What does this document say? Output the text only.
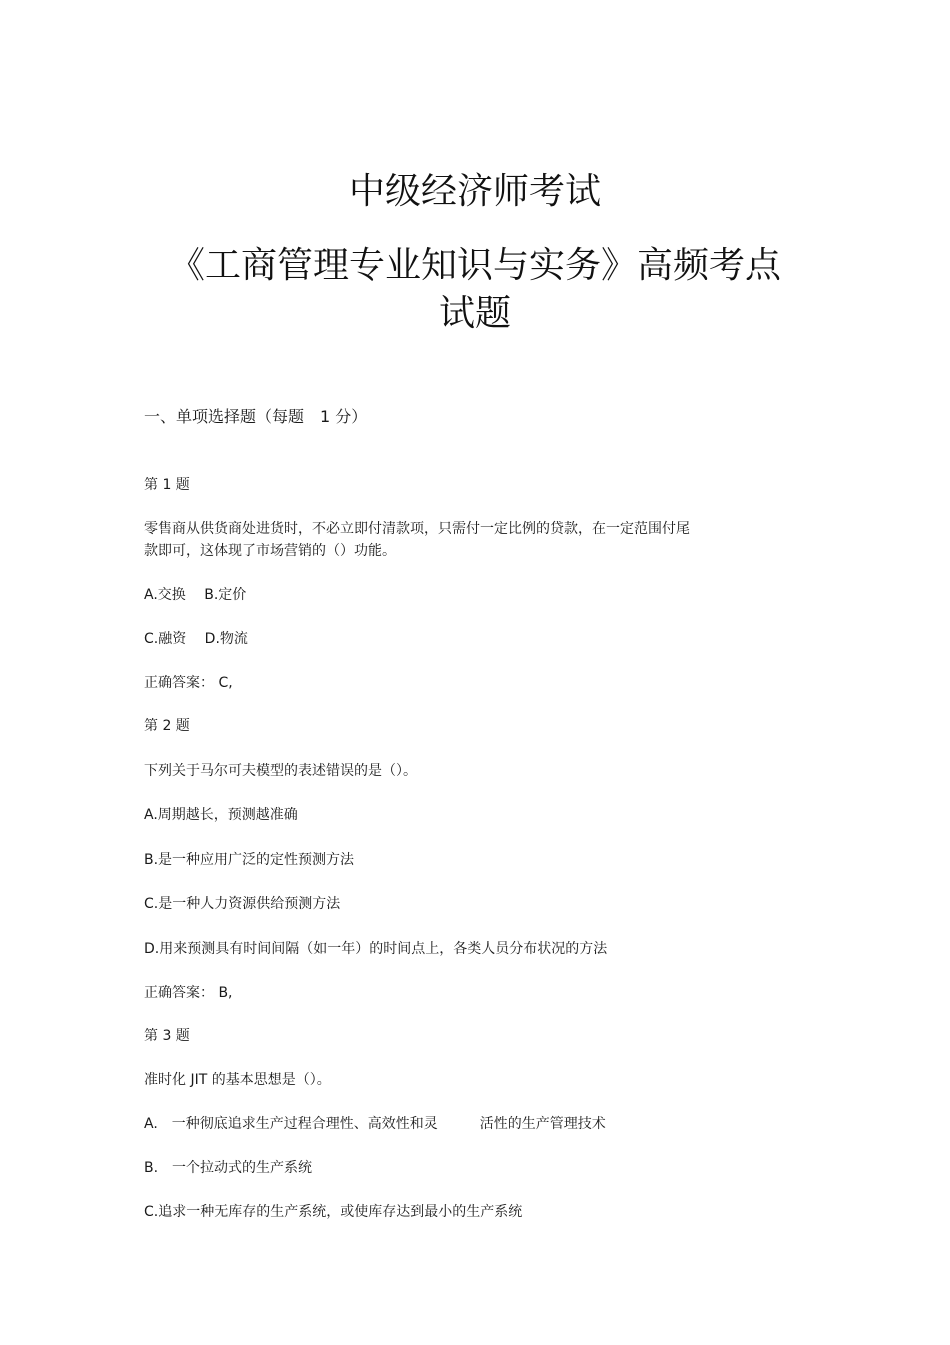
中级经济师考试
《工商管理专业知识与实务》高频考点
试题
一、单项选择题（每题　1 分）
第 1 题
零售商从供货商处进货时，不必立即付清款项，只需付一定比例的贷款，在一定范围付尾
款即可，这体现了市场营销的（）功能。
A.交换　 B.定价
C.融资　 D.物流
正确答案： C,
第 2 题
下列关于马尔可夫模型的表述错误的是（）。
A.周期越长，预测越准确
B.是一种应用广泛的定性预测方法
C.是一种人力资源供给预测方法
D.用来预测具有时间间隔（如一年）的时间点上，各类人员分布状况的方法
正确答案： B,
第 3 题
准时化 JIT 的基本思想是（）。
A.　一种彻底追求生产过程合理性、高效性和灵　　　活性的生产管理技术
B.　一个拉动式的生产系统
C.追求一种无库存的生产系统，或使库存达到最小的生产系统
